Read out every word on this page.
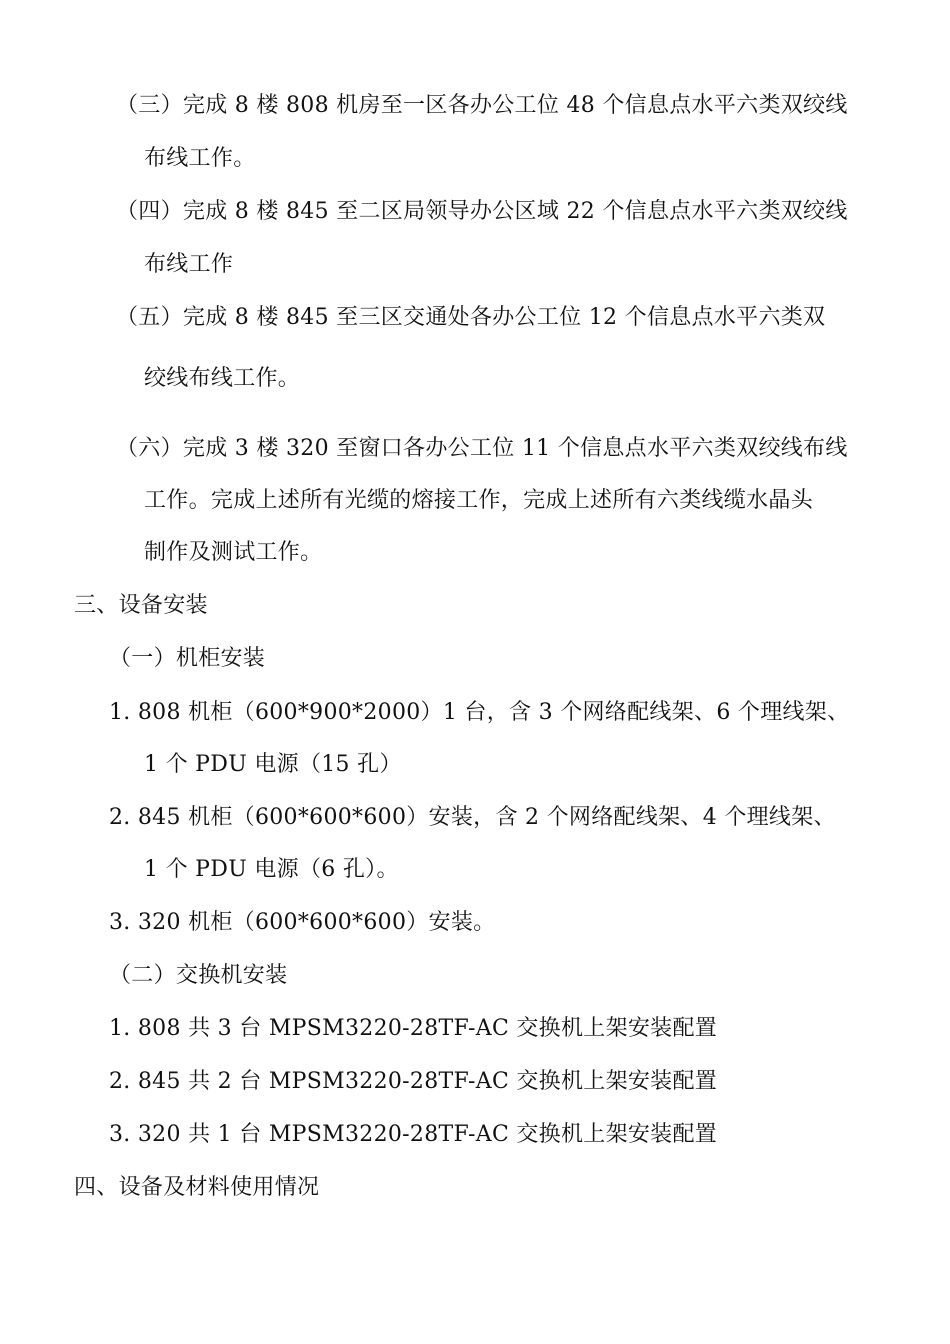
（三）完成 8 楼 808 机房至一区各办公工位 48 个信息点水平六类双绞线
布线工作。
（四）完成 8 楼 845 至二区局领导办公区域 22 个信息点水平六类双绞线
布线工作
（五）完成 8 楼 845 至三区交通处各办公工位 12 个信息点水平六类双
绞线布线工作。
（六）完成 3 楼 320 至窗口各办公工位 11 个信息点水平六类双绞线布线
工作。完成上述所有光缆的熔接工作，完成上述所有六类线缆水晶头
制作及测试工作。
三、设备安装
（一）机柜安装
1. 808 机柜（600*900*2000）1 台，含 3 个网络配线架、6 个理线架、
1 个 PDU 电源（15 孔）
2. 845 机柜（600*600*600）安装，含 2 个网络配线架、4 个理线架、
1 个 PDU 电源（6 孔）。
3. 320 机柜（600*600*600）安装。
（二）交换机安装
1. 808 共 3 台 MPSM3220-28TF-AC 交换机上架安装配置
2. 845 共 2 台 MPSM3220-28TF-AC 交换机上架安装配置
3. 320 共 1 台 MPSM3220-28TF-AC 交换机上架安装配置
四、设备及材料使用情况
